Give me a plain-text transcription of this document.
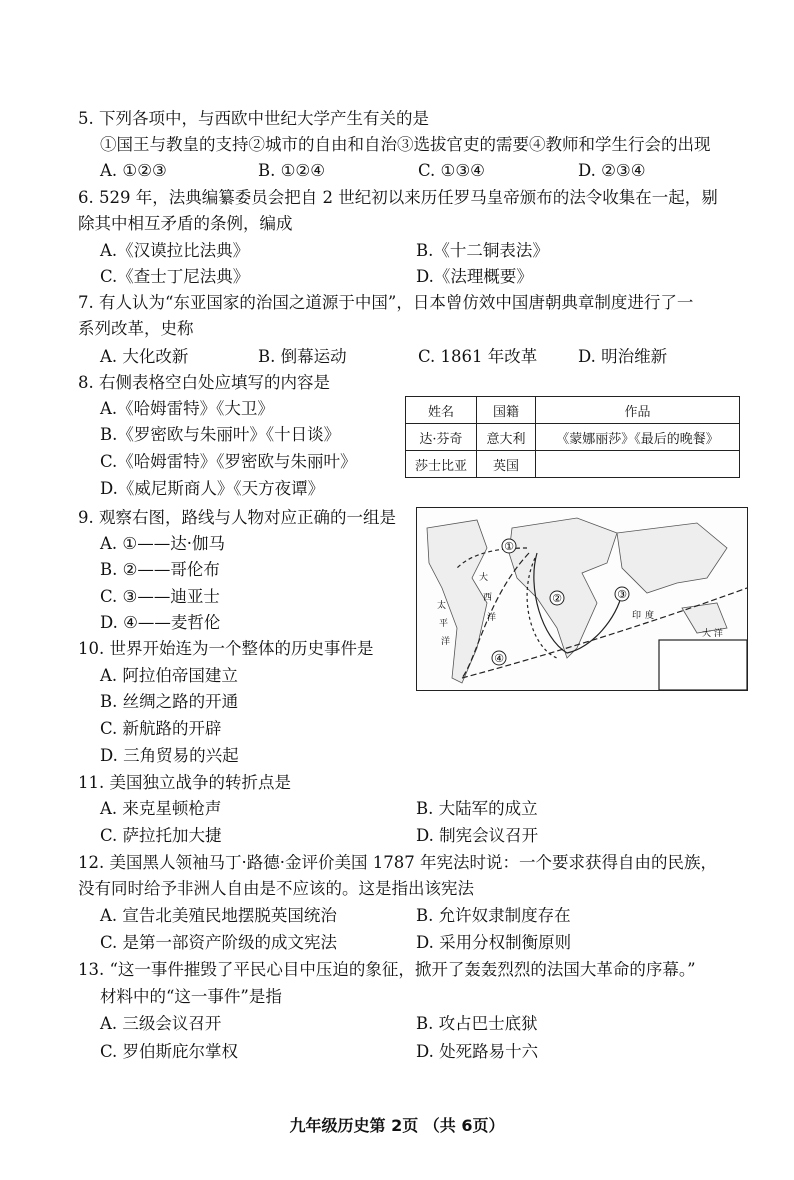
5. 下列各项中，与西欧中世纪大学产生有关的是
①国王与教皇的支持②城市的自由和自治③选拔官吏的需要④教师和学生行会的出现
A. ①②③	B. ①②④	C. ①③④	D. ②③④
6. 529 年，法典编纂委员会把自 2 世纪初以来历任罗马皇帝颁布的法令收集在一起，剔
除其中相互矛盾的条例，编成
A.《汉谟拉比法典》	B.《十二铜表法》
C.《查士丁尼法典》	D.《法理概要》
7. 有人认为“东亚国家的治国之道源于中国”，日本曾仿效中国唐朝典章制度进行了一
系列改革，史称
A. 大化改新	B. 倒幕运动	C. 1861 年改革 D. 明治维新
8. 右侧表格空白处应填写的内容是
A.《哈姆雷特》《大卫》
B.《罗密欧与朱丽叶》《十日谈》
C.《哈姆雷特》《罗密欧与朱丽叶》
D.《威尼斯商人》《天方夜谭》
姓名	国籍	作品
达·芬奇	意大利	《蒙娜丽莎》《最后的晚餐》
莎士比亚	英国	
9. 观察右图，路线与人物对应正确的一组是
A. ①——达·伽马
B. ②——哥伦布
C. ③——迪亚士
D. ④——麦哲伦
①
②	③
④
大
西
洋
太
平
洋
印 度
大 洋
10. 世界开始连为一个整体的历史事件是
A. 阿拉伯帝国建立
B. 丝绸之路的开通
C. 新航路的开辟
D. 三角贸易的兴起
11. 美国独立战争的转折点是
A. 来克星顿枪声	B. 大陆军的成立
C. 萨拉托加大捷	D. 制宪会议召开
12. 美国黑人领袖马丁·路德·金评价美国 1787 年宪法时说：一个要求获得自由的民族，
没有同时给予非洲人自由是不应该的。这是指出该宪法
A. 宣告北美殖民地摆脱英国统治	B. 允许奴隶制度存在
C. 是第一部资产阶级的成文宪法	D. 采用分权制衡原则
13. “这一事件摧毁了平民心目中压迫的象征，掀开了轰轰烈烈的法国大革命的序幕。”
材料中的“这一事件”是指
A. 三级会议召开	B. 攻占巴士底狱
C. 罗伯斯庇尔掌权	D. 处死路易十六
九年级历史第 2页 （共 6页）
